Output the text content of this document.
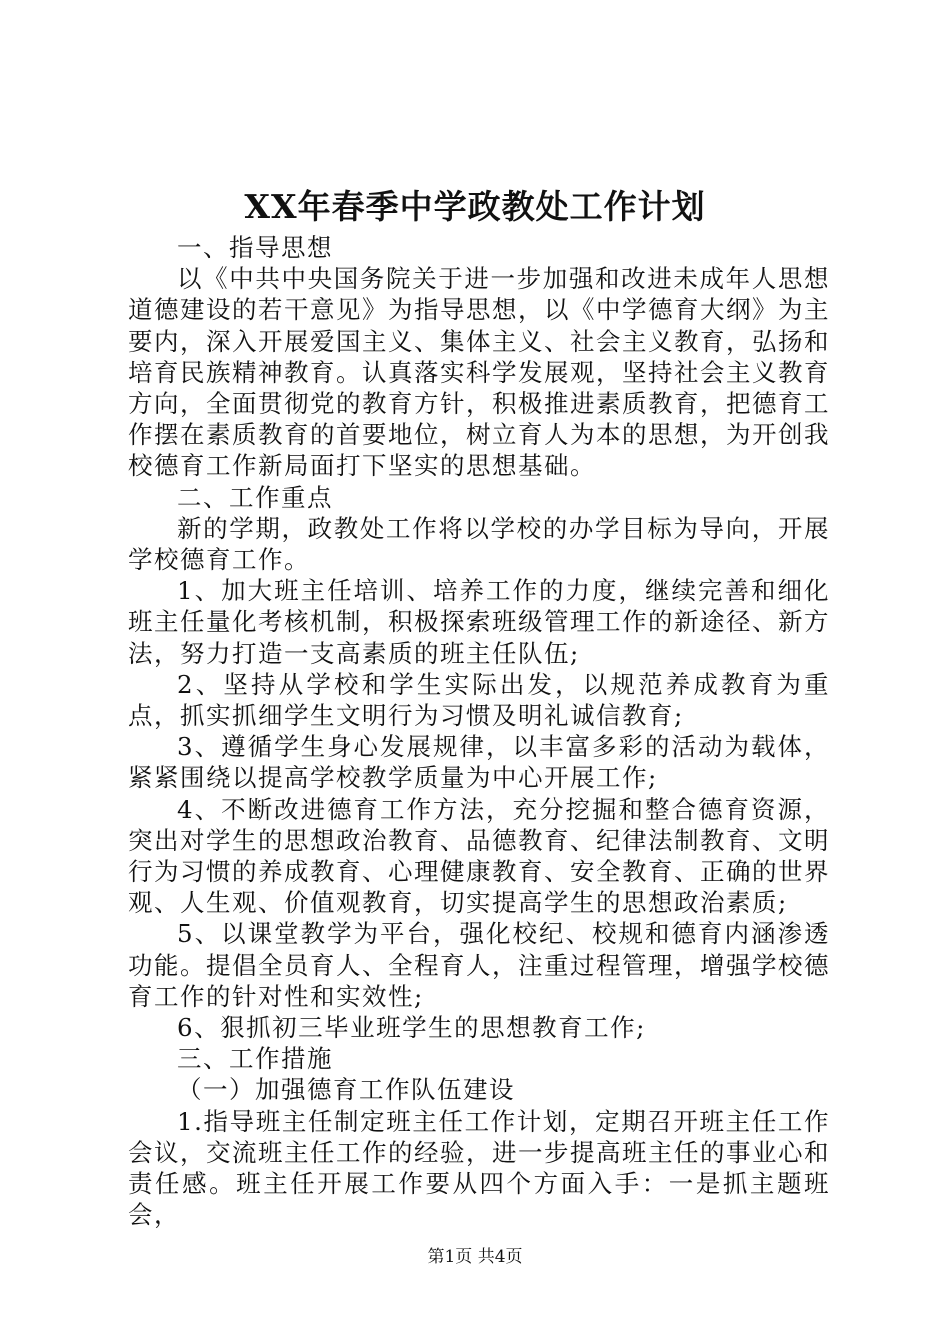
XX年春季中学政教处工作计划

一、指导思想

以《中共中央国务院关于进一步加强和改进未成年人思想道德建设的若干意见》为指导思想，以《中学德育大纲》为主要内，深入开展爱国主义、集体主义、社会主义教育，弘扬和培育民族精神教育。认真落实科学发展观，坚持社会主义教育方向，全面贯彻党的教育方针，积极推进素质教育，把德育工作摆在素质教育的首要地位，树立育人为本的思想，为开创我校德育工作新局面打下坚实的思想基础。

二、工作重点

新的学期，政教处工作将以学校的办学目标为导向，开展学校德育工作。

1、加大班主任培训、培养工作的力度，继续完善和细化班主任量化考核机制，积极探索班级管理工作的新途径、新方法，努力打造一支高素质的班主任队伍;

2、坚持从学校和学生实际出发，以规范养成教育为重点，抓实抓细学生文明行为习惯及明礼诚信教育;

3、遵循学生身心发展规律，以丰富多彩的活动为载体，紧紧围绕以提高学校教学质量为中心开展工作;

4、不断改进德育工作方法，充分挖掘和整合德育资源，突出对学生的思想政治教育、品德教育、纪律法制教育、文明行为习惯的养成教育、心理健康教育、安全教育、正确的世界观、人生观、价值观教育，切实提高学生的思想政治素质;

5、以课堂教学为平台，强化校纪、校规和德育内涵渗透功能。提倡全员育人、全程育人，注重过程管理，增强学校德育工作的针对性和实效性;

6、狠抓初三毕业班学生的思想教育工作;

三、工作措施

（一）加强德育工作队伍建设

1.指导班主任制定班主任工作计划，定期召开班主任工作会议，交流班主任工作的经验，进一步提高班主任的事业心和责任感。班主任开展工作要从四个方面入手：一是抓主题班会，

第1页 共4页
